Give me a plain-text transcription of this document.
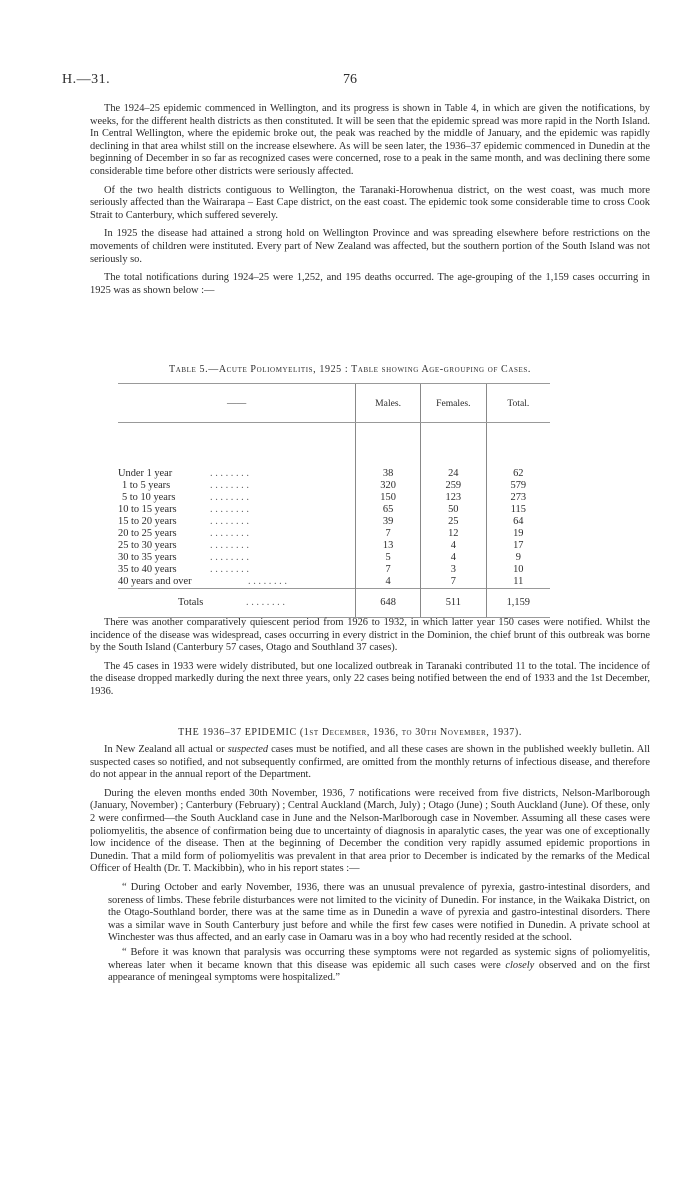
H.—31.	76

The 1924–25 epidemic commenced in Wellington, and its progress is shown in Table 4, in which are given the notifications, by weeks, for the different health districts as then constituted. It will be seen that the epidemic spread was more rapid in the North Island. In Central Wellington, where the epidemic broke out, the peak was reached by the middle of January, and the epidemic was rapidly declining in that area whilst still on the increase elsewhere. As will be seen later, the 1936–37 epidemic commenced in Dunedin at the beginning of December in so far as recognized cases were concerned, rose to a peak in the same month, and was declining there some considerable time before other districts were seriously affected.

Of the two health districts contiguous to Wellington, the Taranaki-Horowhenua district, on the west coast, was much more seriously affected than the Wairarapa – East Cape district, on the east coast. The epidemic took some considerable time to cross Cook Strait to Canterbury, which suffered severely.

In 1925 the disease had attained a strong hold on Wellington Province and was spreading elsewhere before restrictions on the movements of children were instituted. Every part of New Zealand was affected, but the southern portion of the South Island was not seriously so.

The total notifications during 1924–25 were 1,252, and 195 deaths occurred. The age-grouping of the 1,159 cases occurring in 1925 was as shown below :—

Table 5.—Acute Poliomyelitis, 1925 : Table showing Age-grouping of Cases.
——	Males.	Females.	Total.

Under 1 year . . . . . . . .	38	24	62
1 to 5 years . . . . . . . .	320	259	579
5 to 10 years . . . . . . . .	150	123	273
10 to 15 years . . . . . . . .	65	50	115
15 to 20 years . . . . . . . .	39	25	64
20 to 25 years . . . . . . . .	7	12	19
25 to 30 years . . . . . . . .	13	4	17
30 to 35 years . . . . . . . .	5	4	9
35 to 40 years . . . . . . . .	7	3	10
40 years and over . . . . . . . .	4	7	11
Totals . . . . . . . .	648	511	1,159

There was another comparatively quiescent period from 1926 to 1932, in which latter year 150 cases were notified. Whilst the incidence of the disease was widespread, cases occurring in every district in the Dominion, the chief brunt of this outbreak was borne by the South Island (Canterbury 57 cases, Otago and Southland 37 cases).

The 45 cases in 1933 were widely distributed, but one localized outbreak in Taranaki contributed 11 to the total. The incidence of the disease dropped markedly during the next three years, only 22 cases being notified between the end of 1933 and the 1st December, 1936.

THE 1936–37 EPIDEMIC (1st December, 1936, to 30th November, 1937).

In New Zealand all actual or suspected cases must be notified, and all these cases are shown in the published weekly bulletin. All suspected cases so notified, and not subsequently confirmed, are omitted from the monthly returns of infectious disease, and therefore do not appear in the annual report of the Department.

During the eleven months ended 30th November, 1936, 7 notifications were received from five districts, Nelson-Marlborough (January, November) ; Canterbury (February) ; Central Auckland (March, July) ; Otago (June) ; South Auckland (June). Of these, only 2 were confirmed—the South Auckland case in June and the Nelson-Marlborough case in November. Assuming all these cases were poliomyelitis, the absence of confirmation being due to uncertainty of diagnosis in aparalytic cases, the year was one of exceptionally low incidence of the disease. Then at the beginning of December the condition very rapidly assumed epidemic proportions in Dunedin. That a mild form of poliomyelitis was prevalent in that area prior to December is indicated by the remarks of the Medical Officer of Health (Dr. T. Mackibbin), who in his report states :—

“ During October and early November, 1936, there was an unusual prevalence of pyrexia, gastro-intestinal disorders, and soreness of limbs. These febrile disturbances were not limited to the vicinity of Dunedin. For instance, in the Waikaka District, on the Otago-Southland border, there was at the same time as in Dunedin a wave of pyrexia and gastro-intestinal disorders. There was a similar wave in South Canterbury just before and while the first few cases were notified in Dunedin. A private school at Winchester was thus affected, and an early case in Oamaru was in a boy who had recently resided at the school.

“ Before it was known that paralysis was occurring these symptoms were not regarded as systemic signs of poliomyelitis, whereas later when it became known that this disease was epidemic all such cases were closely observed and on the first appearance of meningeal symptoms were hospitalized.”
